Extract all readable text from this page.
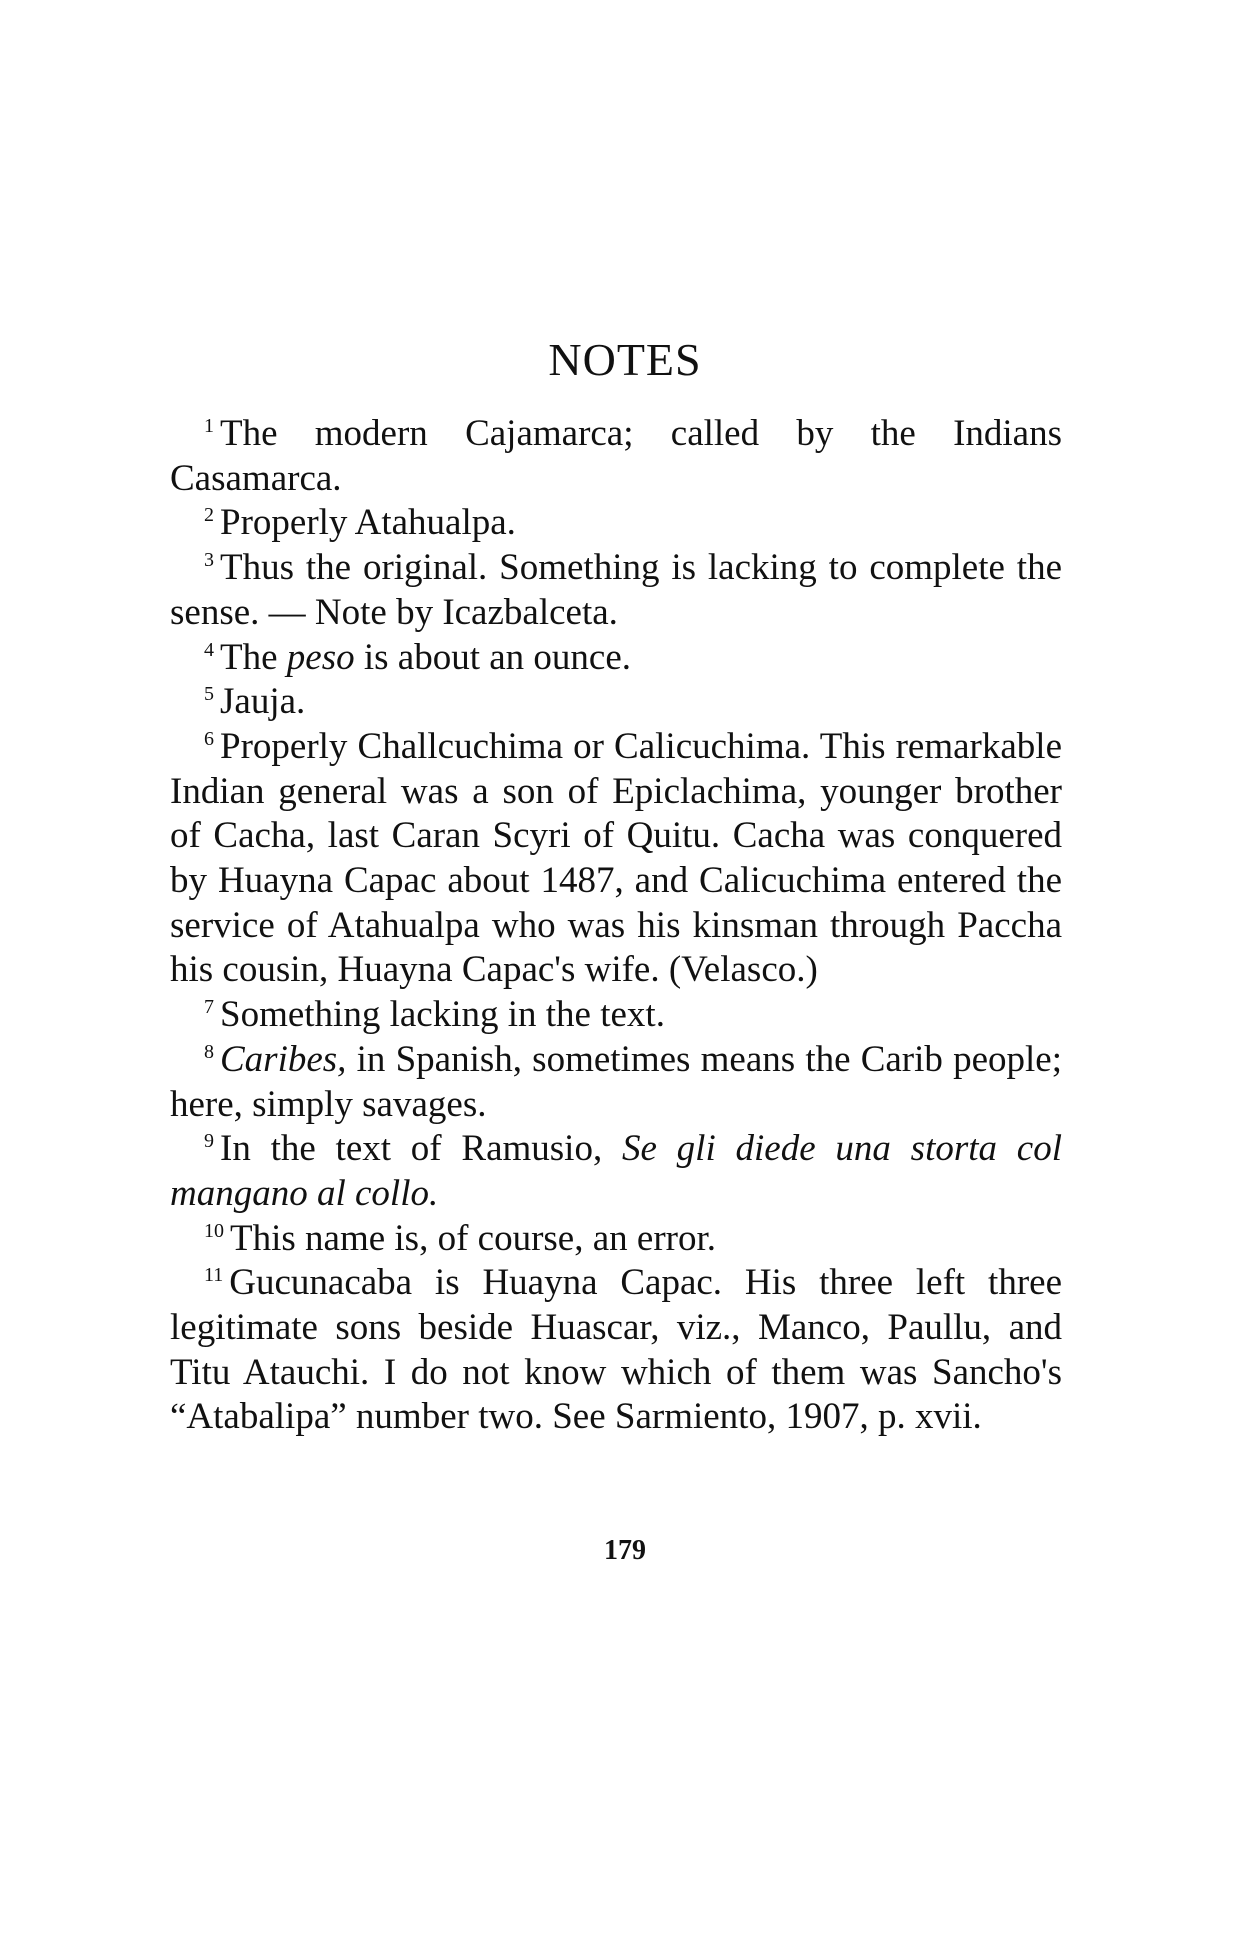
NOTES

$^1$ The modern Cajamarca; called by the Indians Casamarca.

$^2$ Properly Atahualpa.

$^3$ Thus the original. Something is lacking to complete the sense. — Note by Icazbalceta.

$^4$ The peso is about an ounce.

$^5$ Jauja.

$^6$ Properly Challcuchima or Calicuchima. This remarkable Indian general was a son of Epiclachima, younger brother of Cacha, last Caran Scyri of Quitu. Cacha was conquered by Huayna Capac about 1487, and Calicuchima entered the service of Atahualpa who was his kinsman through Paccha his cousin, Huayna Capac's wife. (Velasco.)

$^7$ Something lacking in the text.

$^8$ Caribes, in Spanish, sometimes means the Carib people; here, simply savages.

$^9$ In the text of Ramusio, Se gli diede una storta col mangano al collo.

$^{10}$ This name is, of course, an error.

$^{11}$ Gucunacaba is Huayna Capac. His three left three legitimate sons beside Huascar, viz., Manco, Paullu, and Titu Atauchi. I do not know which of them was Sancho's “Atabalipa” number two. See Sarmiento, 1907, p. xvii.

179
